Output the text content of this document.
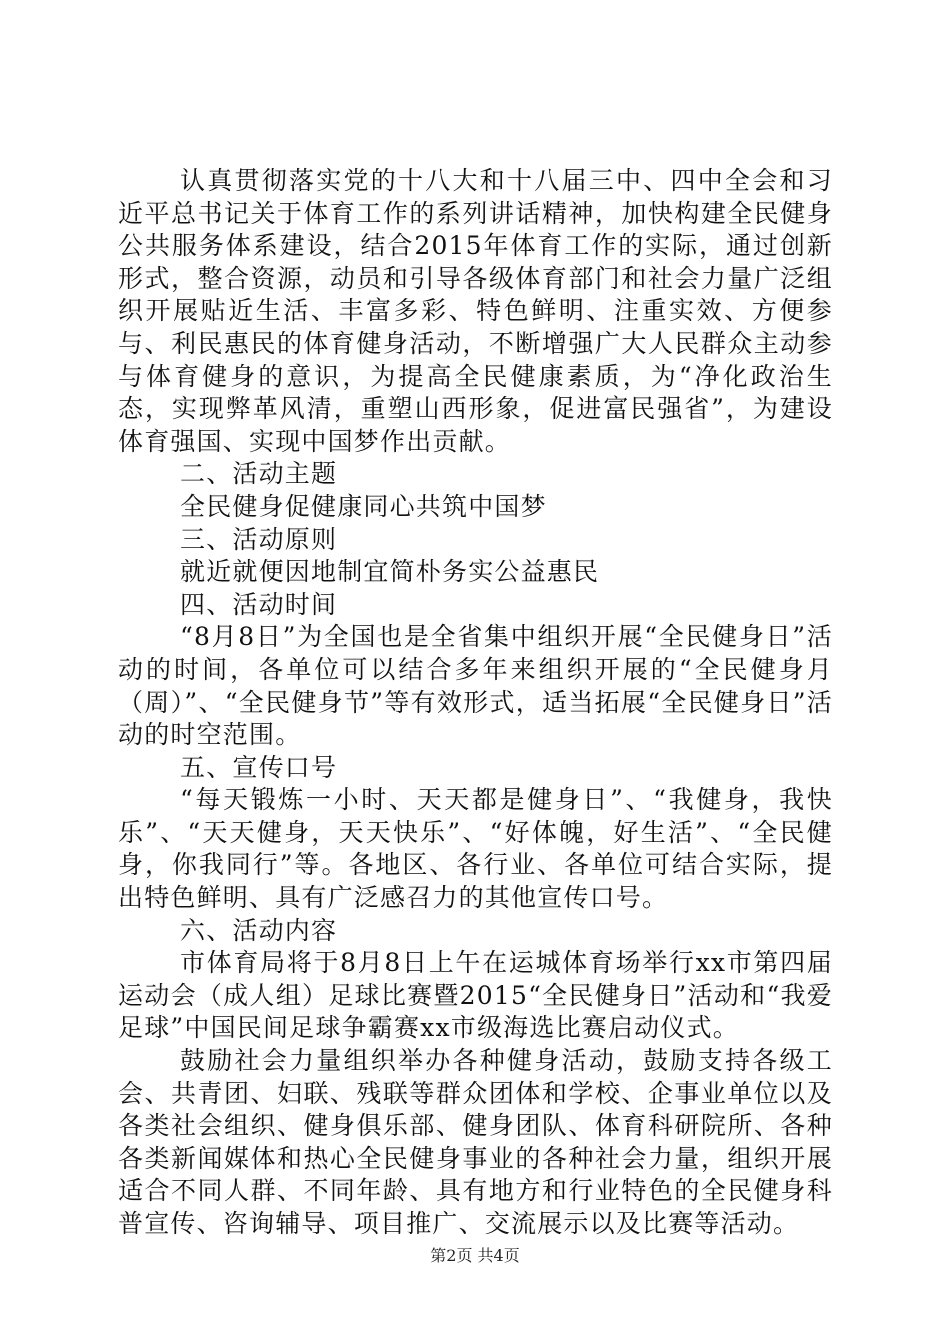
认真贯彻落实党的十八大和十八届三中、四中全会和习近平总书记关于体育工作的系列讲话精神，加快构建全民健身公共服务体系建设，结合2015年体育工作的实际，通过创新形式，整合资源，动员和引导各级体育部门和社会力量广泛组织开展贴近生活、丰富多彩、特色鲜明、注重实效、方便参与、利民惠民的体育健身活动，不断增强广大人民群众主动参与体育健身的意识，为提高全民健康素质，为“净化政治生态，实现弊革风清，重塑山西形象，促进富民强省”，为建设体育强国、实现中国梦作出贡献。

二、活动主题

全民健身促健康同心共筑中国梦

三、活动原则

就近就便因地制宜简朴务实公益惠民

四、活动时间

“8月8日”为全国也是全省集中组织开展“全民健身日”活动的时间，各单位可以结合多年来组织开展的“全民健身月（周）”、“全民健身节”等有效形式，适当拓展“全民健身日”活动的时空范围。

五、宣传口号

“每天锻炼一小时、天天都是健身日”、“我健身，我快乐”、“天天健身，天天快乐”、“好体魄，好生活”、“全民健身，你我同行”等。各地区、各行业、各单位可结合实际，提出特色鲜明、具有广泛感召力的其他宣传口号。

六、活动内容

市体育局将于8月8日上午在运城体育场举行xx市第四届运动会（成人组）足球比赛暨2015“全民健身日”活动和“我爱足球”中国民间足球争霸赛xx市级海选比赛启动仪式。

鼓励社会力量组织举办各种健身活动，鼓励支持各级工会、共青团、妇联、残联等群众团体和学校、企事业单位以及各类社会组织、健身俱乐部、健身团队、体育科研院所、各种各类新闻媒体和热心全民健身事业的各种社会力量，组织开展适合不同人群、不同年龄、具有地方和行业特色的全民健身科普宣传、咨询辅导、项目推广、交流展示以及比赛等活动。

第2页 共4页
